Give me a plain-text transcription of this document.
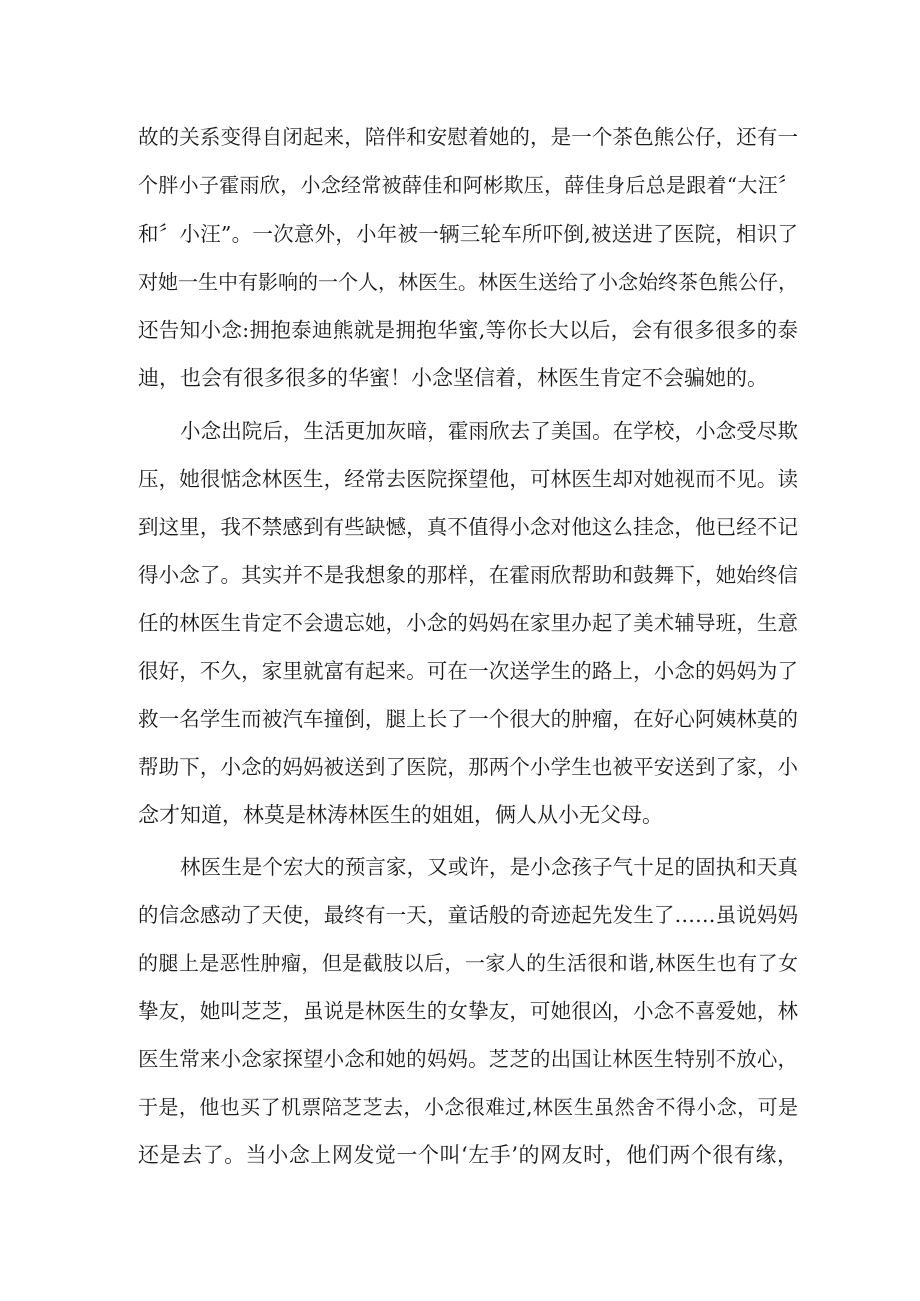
故的关系变得自闭起来，陪伴和安慰着她的，是一个茶色熊公仔，还有一
个胖小子霍雨欣，小念经常被薛佳和阿彬欺压，薛佳身后总是跟着“大汪〞
和〞小汪”。一次意外，小年被一辆三轮车所吓倒,被送进了医院，相识了
对她一生中有影响的一个人，林医生。林医生送给了小念始终茶色熊公仔，
还告知小念:拥抱泰迪熊就是拥抱华蜜,等你长大以后，会有很多很多的泰
迪，也会有很多很多的华蜜！小念坚信着，林医生肯定不会骗她的。
小念出院后，生活更加灰暗，霍雨欣去了美国。在学校，小念受尽欺
压，她很惦念林医生，经常去医院探望他，可林医生却对她视而不见。读
到这里，我不禁感到有些缺憾，真不值得小念对他这么挂念，他已经不记
得小念了。其实并不是我想象的那样，在霍雨欣帮助和鼓舞下，她始终信
任的林医生肯定不会遗忘她，小念的妈妈在家里办起了美术辅导班，生意
很好，不久，家里就富有起来。可在一次送学生的路上，小念的妈妈为了
救一名学生而被汽车撞倒，腿上长了一个很大的肿瘤，在好心阿姨林莫的
帮助下，小念的妈妈被送到了医院，那两个小学生也被平安送到了家，小
念才知道，林莫是林涛林医生的姐姐，俩人从小无父母。
林医生是个宏大的预言家，又或许，是小念孩子气十足的固执和天真
的信念感动了天使，最终有一天，童话般的奇迹起先发生了……虽说妈妈
的腿上是恶性肿瘤，但是截肢以后，一家人的生活很和谐,林医生也有了女
挚友，她叫芝芝，虽说是林医生的女挚友，可她很凶，小念不喜爱她，林
医生常来小念家探望小念和她的妈妈。芝芝的出国让林医生特别不放心，
于是，他也买了机票陪芝芝去，小念很难过,林医生虽然舍不得小念，可是
还是去了。当小念上网发觉一个叫‘左手’的网友时，他们两个很有缘，
